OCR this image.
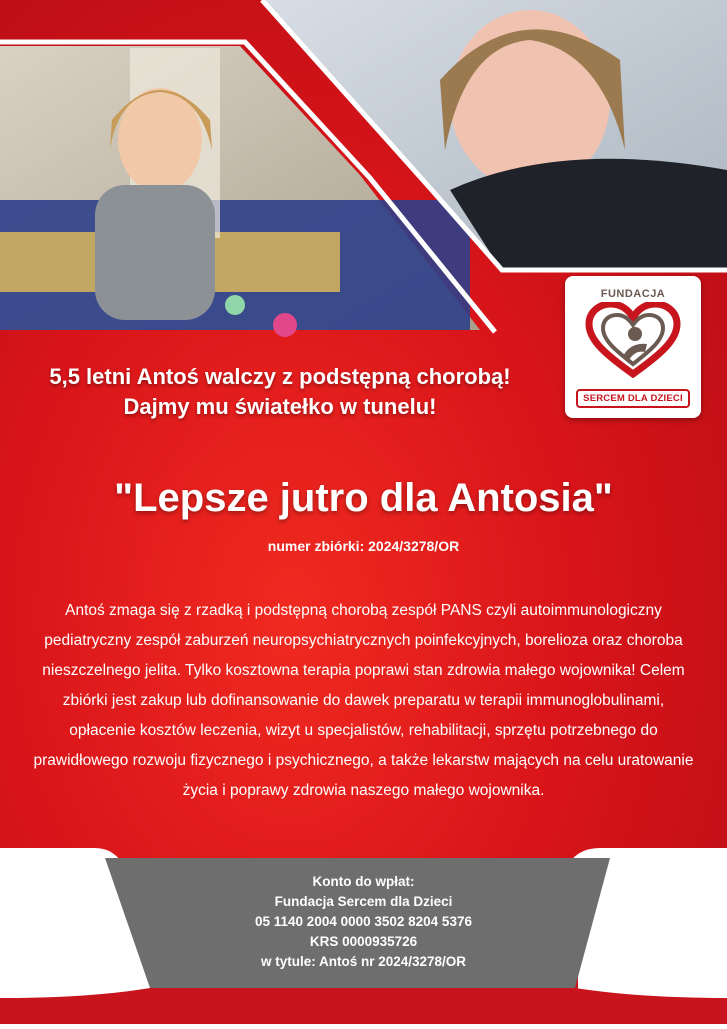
FUNDACJA
SERCEM DLA DZIECI
5,5 letni Antoś walczy z podstępną chorobą!
Dajmy mu światełko w tunelu!
"Lepsze jutro dla Antosia"
numer zbiórki: 2024/3278/OR
Antoś zmaga się z rzadką i podstępną chorobą zespół PANS czyli autoimmunologiczny pediatryczny zespół zaburzeń neuropsychiatrycznych poinfekcyjnych, borelioza oraz choroba nieszczelnego jelita. Tylko kosztowna terapia poprawi stan zdrowia małego wojownika! Celem zbiórki jest zakup lub dofinansowanie do dawek preparatu w terapii immunoglobulinami, opłacenie kosztów leczenia, wizyt u specjalistów, rehabilitacji, sprzętu potrzebnego do prawidłowego rozwoju fizycznego i psychicznego, a także lekarstw mających na celu uratowanie życia i poprawy zdrowia naszego małego wojownika.
Konto do wpłat:
Fundacja Sercem dla Dzieci
05 1140 2004 0000 3502 8204 5376
KRS 0000935726
w tytule: Antoś nr 2024/3278/OR
